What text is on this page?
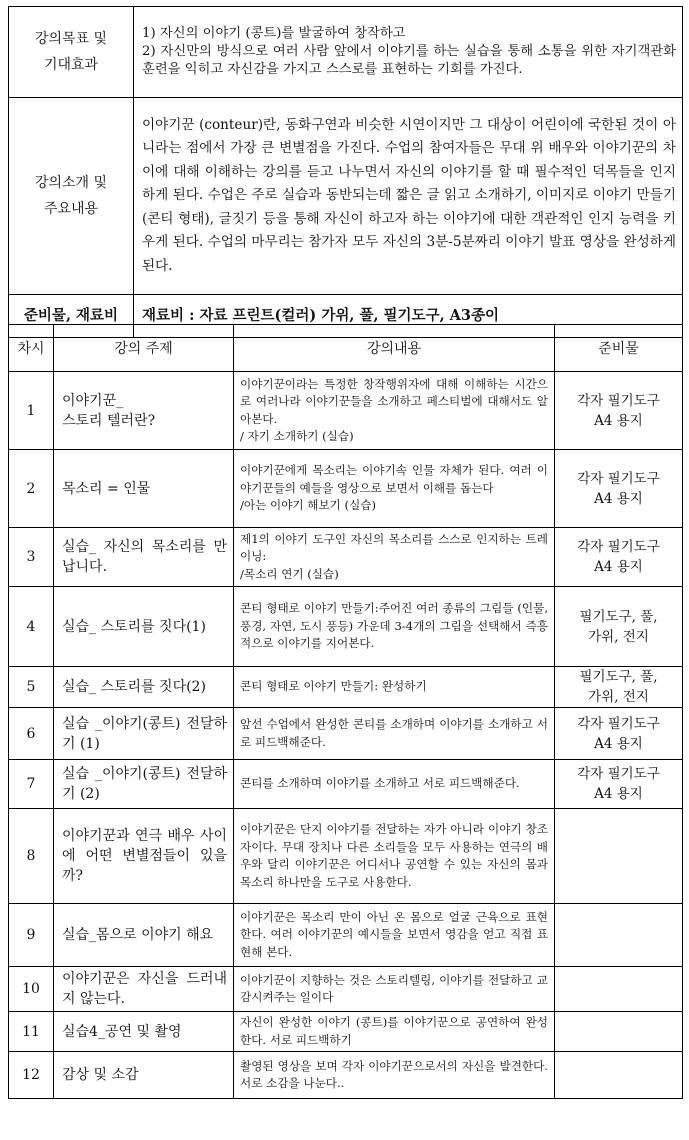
강의목표 및
기대효과	1) 자신의 이야기 (콩트)를 발굴하여 창작하고
2) 자신만의 방식으로 여러 사람 앞에서 이야기를 하는 실습을 통해 소통을 위한 자기객관화 훈련을 익히고 자신감을 가지고 스스로를 표현하는 기회를 가진다.

강의소개 및
주요내용	이야기꾼 (conteur)란, 동화구연과 비슷한 시연이지만 그 대상이 어린이에 국한된 것이 아니라는 점에서 가장 큰 변별점을 가진다. 수업의 참여자들은 무대 위 배우와 이야기꾼의 차이에 대해 이해하는 강의를 듣고 나누면서 자신의 이야기를 할 때 필수적인 덕목들을 인지하게 된다. 수업은 주로 실습과 동반되는데 짧은 글 읽고 소개하기, 이미지로 이야기 만들기 (콘티 형태), 글짓기 등을 통해 자신이 하고자 하는 이야기에 대한 객관적인 인지 능력을 키우게 된다. 수업의 마무리는 참가자 모두 자신의 3분-5분짜리 이야기 발표 영상을 완성하게 된다.
준비물, 재료비	재료비 : 자료 프린트(컬러) 가위, 풀, 필기도구, A3종이
차시	강의 주제	강의내용	준비물

1	이야기꾼_
스토리 텔러란?	이야기꾼이라는 특정한 창작행위자에 대해 이해하는 시간으로 여러나라 이야기꾼들을 소개하고 페스티벌에 대해서도 알아본다.
/ 자기 소개하기 (실습)	각자 필기도구
A4 용지

2	목소리 = 인물	이야기꾼에게 목소리는 이야기속 인물 자체가 된다. 여러 이야기꾼들의 예들을 영상으로 보면서 이해를 돕는다
/아는 이야기 해보기 (실습)	각자 필기도구
A4 용지

3	실습_ 자신의 목소리를 만납니다.	제1의 이야기 도구인 자신의 목소리를 스스로 인지하는 트레이닝:
/목소리 연기 (실습)	각자 필기도구
A4 용지

4	실습_ 스토리를 짓다(1)	콘티 형태로 이야기 만들기:주어진 여러 종류의 그림들 (인물, 풍경, 자연, 도시 풍등) 가운데 3-4개의 그림을 선택해서 즉흥적으로 이야기를 지어본다.	필기도구, 풀,
가위, 전지

5	실습_ 스토리를 짓다(2)	콘티 형태로 이야기 만들기: 완성하기	필기도구, 풀,
가위, 전지

6	실습 _이야기(콩트) 전달하기 (1)	앞선 수업에서 완성한 콘티를 소개하며 이야기를 소개하고 서로 피드백해준다.	각자 필기도구
A4 용지

7	실습 _이야기(콩트) 전달하기 (2)	콘티를 소개하며 이야기를 소개하고 서로 피드백해준다.	각자 필기도구
A4 용지

8	이야기꾼과 연극 배우 사이에 어떤 변별점들이 있을까?	이야기꾼은 단지 이야기를 전달하는 자가 아니라 이야기 창조자이다. 무대 장치나 다른 소리들을 모두 사용하는 연극의 배우와 달리 이야기꾼은 어디서나 공연할 수 있는 자신의 몸과 목소리 하나만을 도구로 사용한다.	

9	실습_몸으로 이야기 해요	이야기꾼은 목소리 만이 아닌 온 몸으로 얼굴 근육으로 표현한다. 여러 이야기꾼의 예시들을 보면서 영감을 얻고 직접 표현해 본다.	

10	이야기꾼은 자신을 드러내지 않는다.	이야기꾼이 지향하는 것은 스토리텔링, 이야기를 전달하고 교감시켜주는 일이다	

11	실습4_공연 및 촬영	자신이 완성한 이야기 (콩트)를 이야기꾼으로 공연하여 완성한다. 서로 피드백하기	

12	감상 및 소감	촬영된 영상을 보며 각자 이야기꾼으로서의 자신을 발견한다. 서로 소감을 나눈다..	
